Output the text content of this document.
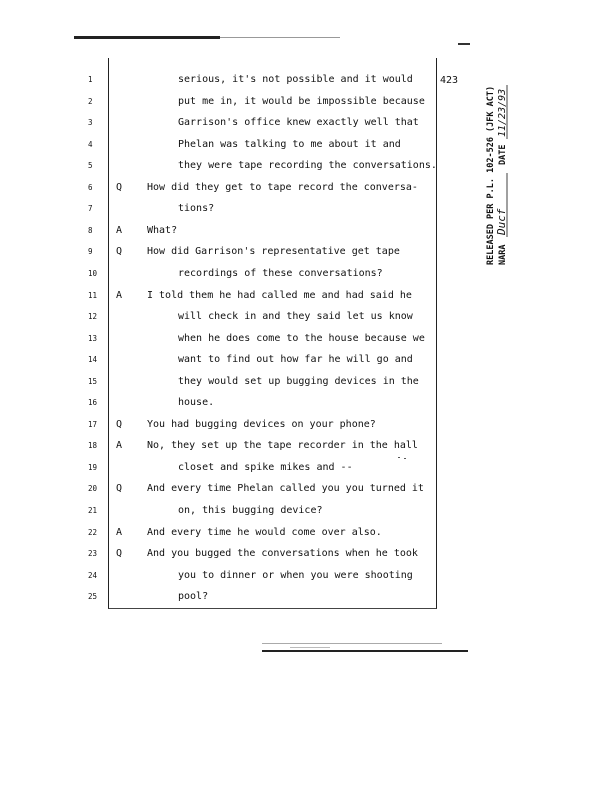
423
1	serious, it's not possible and it would
2	put me in, it would be impossible because
3	Garrison's office knew exactly well that
4	Phelan was talking to me about it and
5	they were tape recording the conversations.
6	Q How did they get to tape record the conversa-
7	tions?
8	A What?
9	Q How did Garrison's representative get tape
10	recordings of these conversations?
11	A I told them he had called me and had said he
12	will check in and they said let us know
13	when he does come to the house because we
14	want to find out how far he will go and
15	they would set up bugging devices in the
16	house.
17	Q You had bugging devices on your phone?
18	A No, they set up the tape recorder in the hall
19	closet and spike mikes and --
20	Q And every time Phelan called you you turned it
21	on, this bugging device?
22	A And every time he would come over also.
23	Q And you bugged the conversations when he took
24	you to dinner or when you were shooting
25	pool?
RELEASED PER P.L. 102-526 (JFK ACT) NARA
Ducf
DATE
11/23/93
